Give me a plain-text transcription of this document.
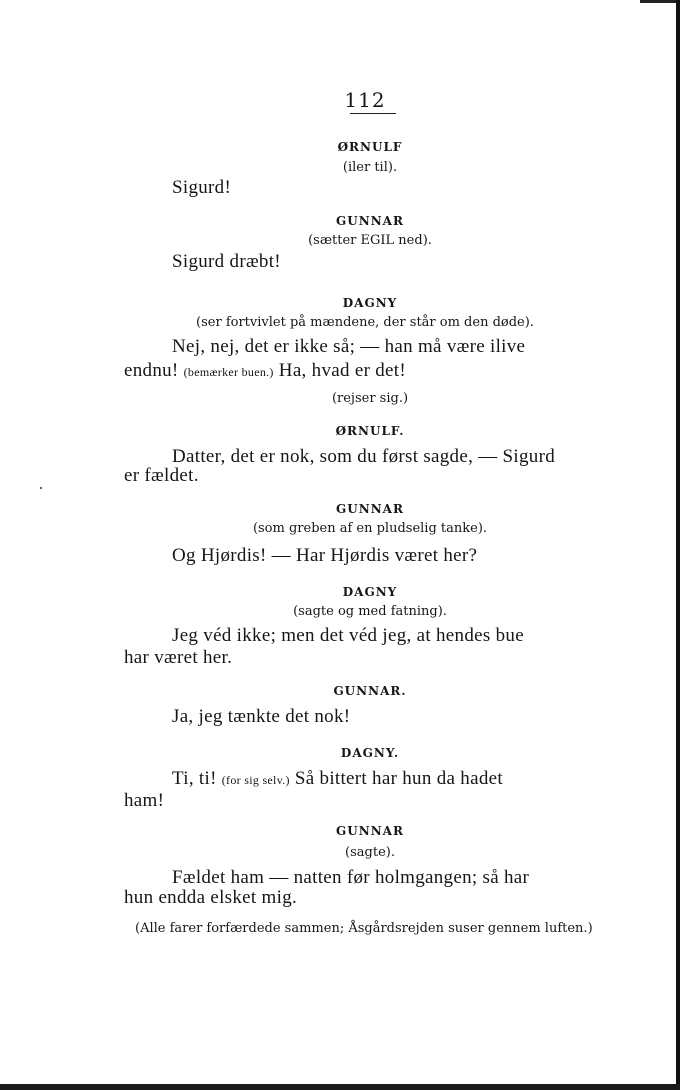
112
ØRNULF
(iler til).
Sigurd!
GUNNAR
(sætter EGIL ned).
Sigurd dræbt!
DAGNY
(ser fortvivlet på mændene, der står om den døde).
Nej, nej, det er ikke så; — han må være ilive
endnu! (bemærker buen.) Ha, hvad er det!
(rejser sig.)
ØRNULF.
Datter, det er nok, som du først sagde, — Sigurd
er fældet.
GUNNAR
(som greben af en pludselig tanke).
Og Hjørdis! — Har Hjørdis været her?
DAGNY
(sagte og med fatning).
Jeg véd ikke; men det véd jeg, at hendes bue
har været her.
GUNNAR.
Ja, jeg tænkte det nok!
DAGNY.
Ti, ti! (for sig selv.) Så bittert har hun da hadet
ham!
GUNNAR
(sagte).
Fældet ham — natten før holmgangen; så har
hun endda elsket mig.
(Alle farer forfærdede sammen; Åsgårdsrejden suser gennem luften.)
